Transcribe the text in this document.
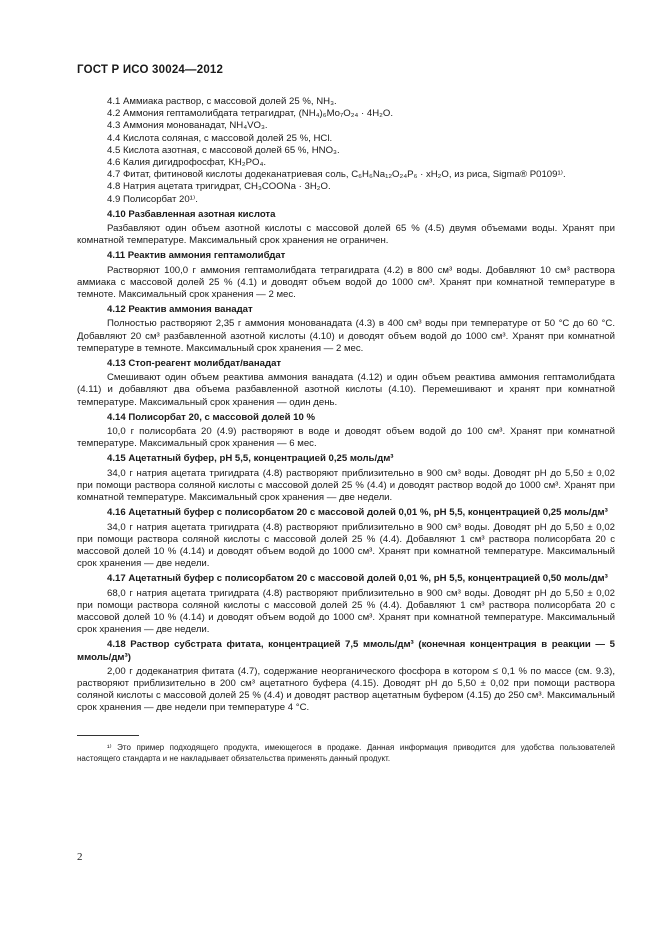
ГОСТ Р ИСО 30024—2012

4.1 Аммиака раствор, с массовой долей 25 %, NH₃.

4.2 Аммония гептамолибдата тетрагидрат, (NH₄)₆Mo₇O₂₄ · 4H₂O.

4.3 Аммония монованадат, NH₄VO₃.

4.4 Кислота соляная, с массовой долей 25 %, HCl.

4.5 Кислота азотная, с массовой долей 65 %, HNO₃.

4.6 Калия дигидрофосфат, KH₂PO₄.

4.7 Фитат, фитиновой кислоты додеканатриевая соль, C₆H₆Na₁₂O₂₄P₆ · xH₂O, из риса, Sigma® P0109¹⁾.

4.8 Натрия ацетата тригидрат, CH₃COONa · 3H₂O.

4.9 Полисорбат 20¹⁾.

4.10 Разбавленная азотная кислота

Разбавляют один объем азотной кислоты с массовой долей 65 % (4.5) двумя объемами воды. Хранят при комнатной температуре. Максимальный срок хранения не ограничен.

4.11 Реактив аммония гептамолибдат

Растворяют 100,0 г аммония гептамолибдата тетрагидрата (4.2) в 800 см³ воды. Добавляют 10 см³ раствора аммиака с массовой долей 25 % (4.1) и доводят объем водой до 1000 см³. Хранят при комнатной температуре в темноте. Максимальный срок хранения — 2 мес.

4.12 Реактив аммония ванадат

Полностью растворяют 2,35 г аммония монованадата (4.3) в 400 см³ воды при температуре от 50 °С до 60 °С. Добавляют 20 см³ разбавленной азотной кислоты (4.10) и доводят объем водой до 1000 см³. Хранят при комнатной температуре в темноте. Максимальный срок хранения — 2 мес.

4.13 Стоп-реагент молибдат/ванадат

Смешивают один объем реактива аммония ванадата (4.12) и один объем реактива аммония гептамолибдата (4.11) и добавляют два объема разбавленной азотной кислоты (4.10). Перемешивают и хранят при комнатной температуре. Максимальный срок хранения — один день.

4.14 Полисорбат 20, с массовой долей 10 %

10,0 г полисорбата 20 (4.9) растворяют в воде и доводят объем водой до 100 см³. Хранят при комнатной температуре. Максимальный срок хранения — 6 мес.

4.15 Ацетатный буфер, pH 5,5, концентрацией 0,25 моль/дм³

34,0 г натрия ацетата тригидрата (4.8) растворяют приблизительно в 900 см³ воды. Доводят pH до 5,50 ± 0,02 при помощи раствора соляной кислоты с массовой долей 25 % (4.4) и доводят раствор водой до 1000 см³. Хранят при комнатной температуре. Максимальный срок хранения — две недели.

4.16 Ацетатный буфер с полисорбатом 20 с массовой долей 0,01 %, pH 5,5, концентрацией 0,25 моль/дм³

34,0 г натрия ацетата тригидрата (4.8) растворяют приблизительно в 900 см³ воды. Доводят pH до 5,50 ± 0,02 при помощи раствора соляной кислоты с массовой долей 25 % (4.4). Добавляют 1 см³ раствора полисорбата 20 с массовой долей 10 % (4.14) и доводят объем водой до 1000 см³. Хранят при комнатной температуре. Максимальный срок хранения — две недели.

4.17 Ацетатный буфер с полисорбатом 20 с массовой долей 0,01 %, pH 5,5, концентрацией 0,50 моль/дм³

68,0 г натрия ацетата тригидрата (4.8) растворяют приблизительно в 900 см³ воды. Доводят pH до 5,50 ± 0,02 при помощи раствора соляной кислоты с массовой долей 25 % (4.4). Добавляют 1 см³ раствора полисорбата 20 с массовой долей 10 % (4.14) и доводят объем водой до 1000 см³. Хранят при комнатной температуре. Максимальный срок хранения — две недели.

4.18 Раствор субстрата фитата, концентрацией 7,5 ммоль/дм³ (конечная концентрация в реакции — 5 ммоль/дм³)

2,00 г додеканатрия фитата (4.7), содержание неорганического фосфора в котором ≤ 0,1 % по массе (см. 9.3), растворяют приблизительно в 200 см³ ацетатного буфера (4.15). Доводят pH до 5,50 ± 0,02 при помощи раствора соляной кислоты с массовой долей 25 % (4.4) и доводят раствор ацетатным буфером (4.15) до 250 см³. Максимальный срок хранения — две недели при температуре 4 °С.

¹⁾ Это пример подходящего продукта, имеющегося в продаже. Данная информация приводится для удобства пользователей настоящего стандарта и не накладывает обязательства применять данный продукт.

2
